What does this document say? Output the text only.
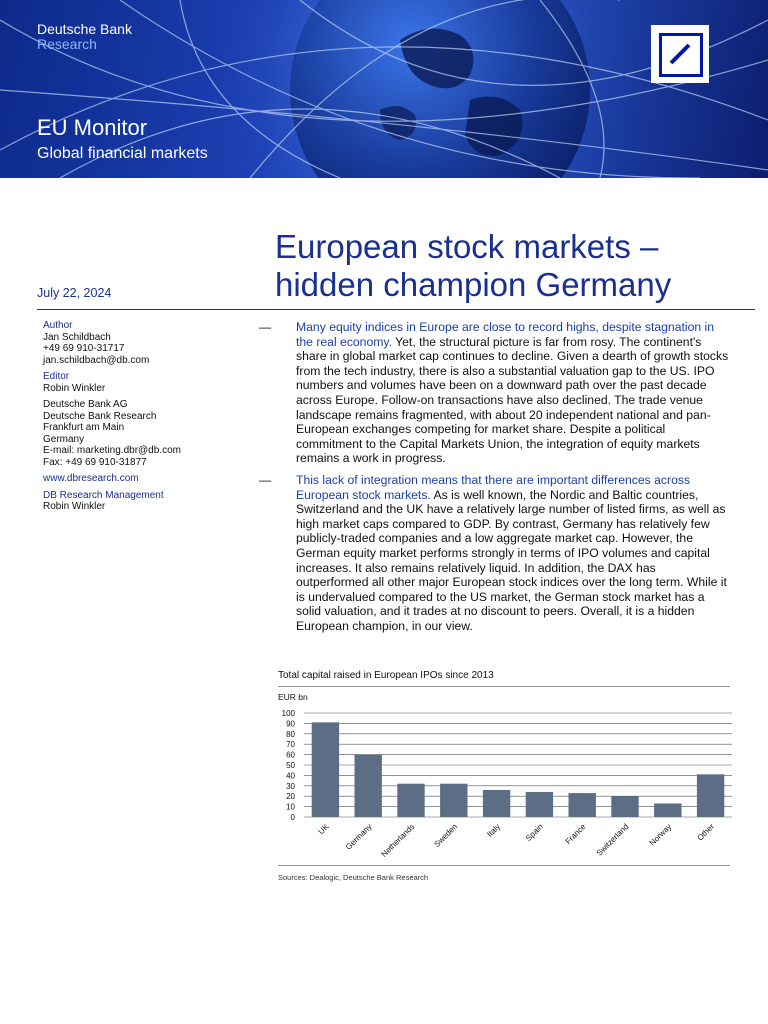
Deutsche Bank
Research
EU Monitor
Global financial markets
European stock markets –
hidden champion Germany
July 22, 2024
Author
Jan Schildbach
+49 69 910-31717
jan.schildbach@db.com
Editor
Robin Winkler
Deutsche Bank AG
Deutsche Bank Research
Frankfurt am Main
Germany
E-mail: marketing.dbr@db.com
Fax: +49 69 910-31877
www.dbresearch.com
DB Research Management
Robin Winkler
— Many equity indices in Europe are close to record highs, despite stagnation in the real economy. Yet, the structural picture is far from rosy. The continent's share in global market cap continues to decline. Given a dearth of growth stocks from the tech industry, there is also a substantial valuation gap to the US. IPO numbers and volumes have been on a downward path over the past decade across Europe. Follow-on transactions have also declined. The trade venue landscape remains fragmented, with about 20 independent national and pan-European exchanges competing for market share. Despite a political commitment to the Capital Markets Union, the integration of equity markets remains a work in progress.
— This lack of integration means that there are important differences across European stock markets. As is well known, the Nordic and Baltic countries, Switzerland and the UK have a relatively large number of listed firms, as well as high market caps compared to GDP. By contrast, Germany has relatively few publicly-traded companies and a low aggregate market cap. However, the German equity market performs strongly in terms of IPO volumes and capital increases. It also remains relatively liquid. In addition, the DAX has outperformed all other major European stock indices over the long term. While it is undervalued compared to the US market, the German stock market has a solid valuation, and it trades at no discount to peers. Overall, it is a hidden European champion, in our view.
Total capital raised in European IPOs since 2013
EUR bn
0
10
20
30
40
50
60
70
80
90
100
UK Germany Netherlands Sweden	Italy	Spain France Switzerland Norway	Other
Sources: Dealogic, Deutsche Bank Research
